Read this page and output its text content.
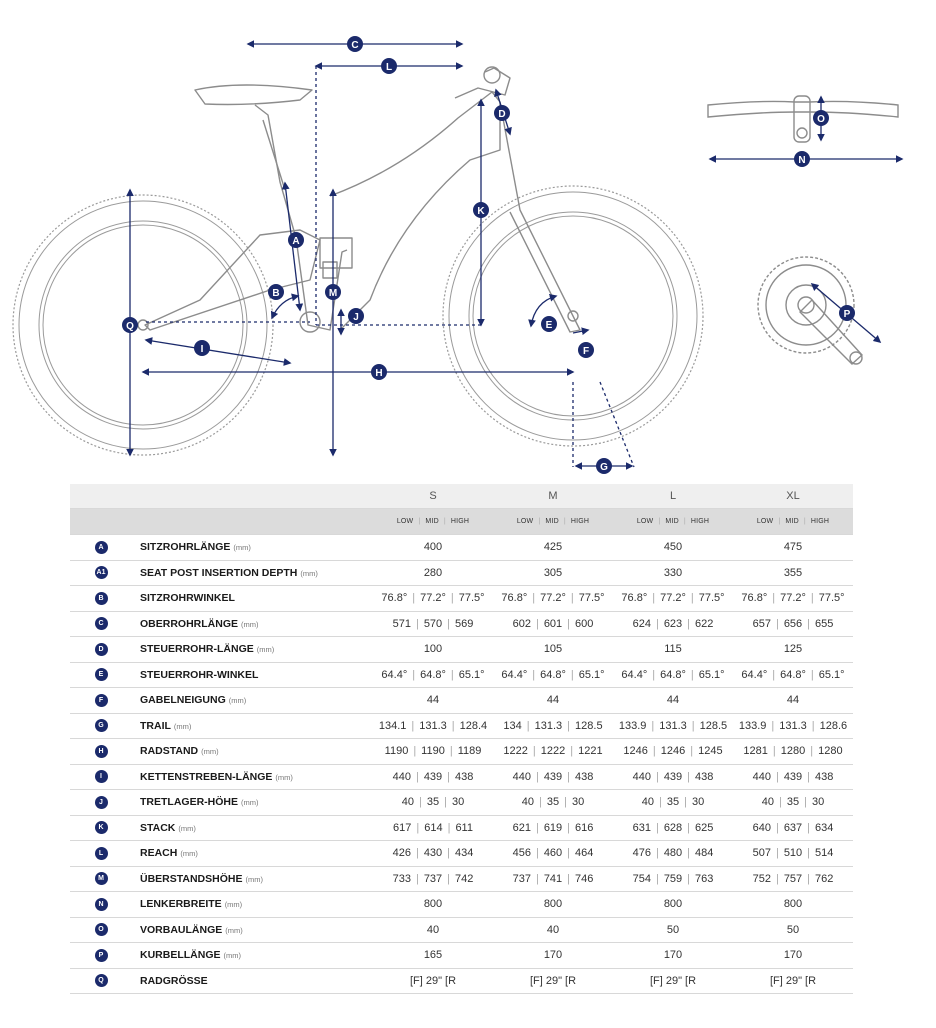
A
B
C
D
E
F
G
H
I
J
K
L
M
N
O
P
Q
		S	M	L	XL
		LOW | MID | HIGH	LOW | MID | HIGH	LOW | MID | HIGH	LOW | MID | HIGH
A	SITZROHRLÄNGE (mm)	400	425	450	475
A1	SEAT POST INSERTION DEPTH (mm)	280	305	330	355
B	SITZROHRWINKEL	76.8° | 77.2° | 77.5°	76.8° | 77.2° | 77.5°	76.8° | 77.2° | 77.5°	76.8° | 77.2° | 77.5°
C	OBERROHRLÄNGE (mm)	571 | 570 | 569	602 | 601 | 600	624 | 623 | 622	657 | 656 | 655
D	STEUERROHR-LÄNGE (mm)	100	105	115	125
E	STEUERROHR-WINKEL	64.4° | 64.8° | 65.1°	64.4° | 64.8° | 65.1°	64.4° | 64.8° | 65.1°	64.4° | 64.8° | 65.1°
F	GABELNEIGUNG (mm)	44	44	44	44
G	TRAIL (mm)	134.1 | 131.3 | 128.4	134 | 131.3 | 128.5	133.9 | 131.3 | 128.5	133.9 | 131.3 | 128.6
H	RADSTAND (mm)	1190 | 1190 | 1189	1222 | 1222 | 1221	1246 | 1246 | 1245	1281 | 1280 | 1280
I	KETTENSTREBEN-LÄNGE (mm)	440 | 439 | 438	440 | 439 | 438	440 | 439 | 438	440 | 439 | 438
J	TRETLAGER-HÖHE (mm)	40 | 35 | 30	40 | 35 | 30	40 | 35 | 30	40 | 35 | 30
K	STACK (mm)	617 | 614 | 611	621 | 619 | 616	631 | 628 | 625	640 | 637 | 634
L	REACH (mm)	426 | 430 | 434	456 | 460 | 464	476 | 480 | 484	507 | 510 | 514
M	ÜBERSTANDSHÖHE (mm)	733 | 737 | 742	737 | 741 | 746	754 | 759 | 763	752 | 757 | 762
N	LENKERBREITE (mm)	800	800	800	800
O	VORBAULÄNGE (mm)	40	40	50	50
P	KURBELLÄNGE (mm)	165	170	170	170
Q	RADGRÖSSE	[F] 29" [R	[F] 29" [R	[F] 29" [R	[F] 29" [R
